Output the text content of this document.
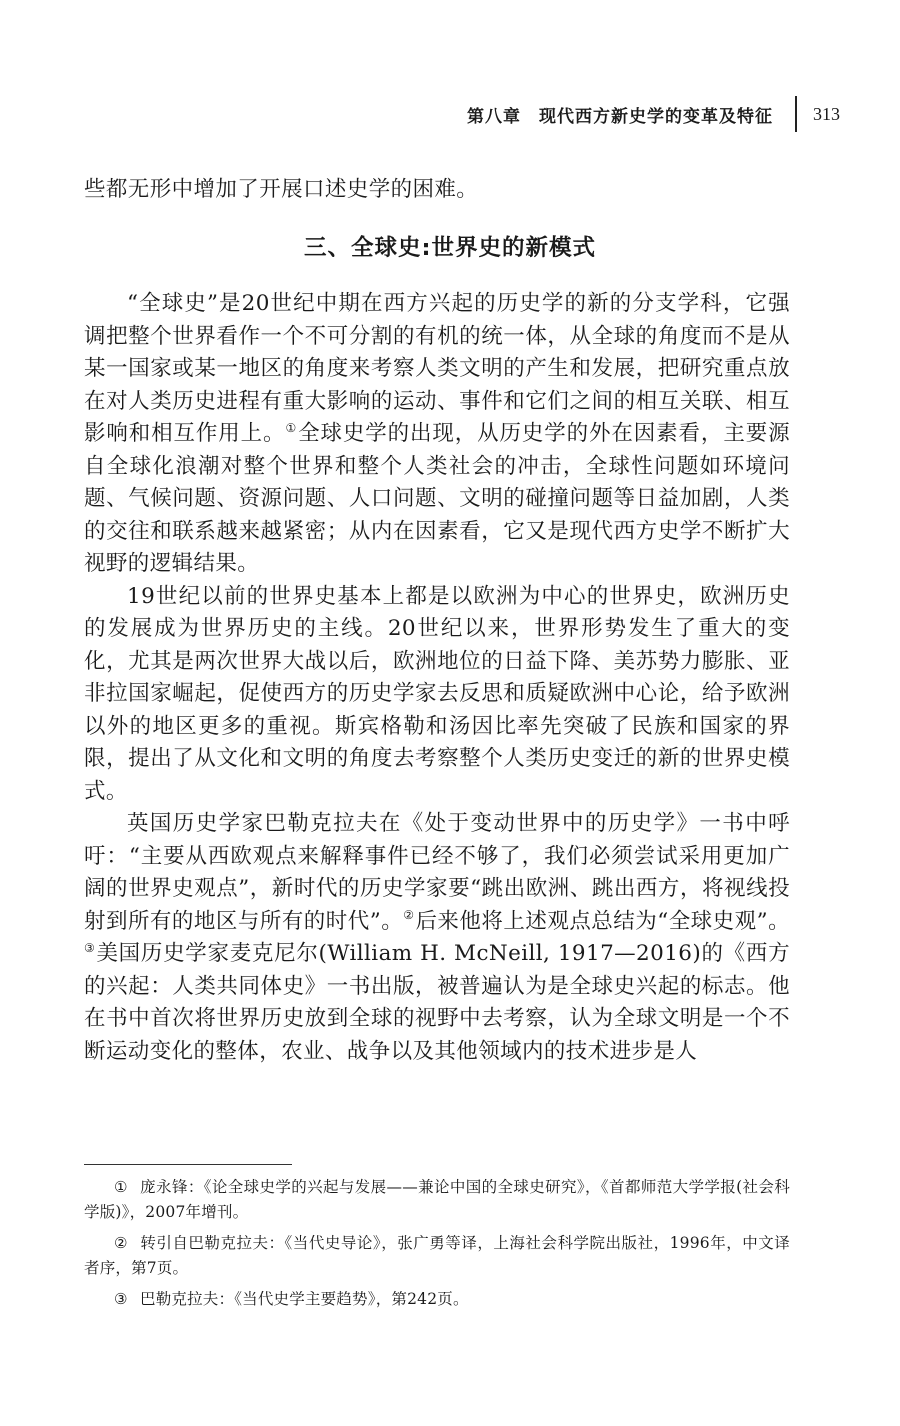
第八章　现代西方新史学的变革及特征 313

些都无形中增加了开展口述史学的困难。

三、全球史:世界史的新模式

“全球史”是20世纪中期在西方兴起的历史学的新的分支学科，它强调把整个世界看作一个不可分割的有机的统一体，从全球的角度而不是从某一国家或某一地区的角度来考察人类文明的产生和发展，把研究重点放在对人类历史进程有重大影响的运动、事件和它们之间的相互关联、相互影响和相互作用上。①全球史学的出现，从历史学的外在因素看，主要源自全球化浪潮对整个世界和整个人类社会的冲击，全球性问题如环境问题、气候问题、资源问题、人口问题、文明的碰撞问题等日益加剧，人类的交往和联系越来越紧密；从内在因素看，它又是现代西方史学不断扩大视野的逻辑结果。

19世纪以前的世界史基本上都是以欧洲为中心的世界史，欧洲历史的发展成为世界历史的主线。20世纪以来，世界形势发生了重大的变化，尤其是两次世界大战以后，欧洲地位的日益下降、美苏势力膨胀、亚非拉国家崛起，促使西方的历史学家去反思和质疑欧洲中心论，给予欧洲以外的地区更多的重视。斯宾格勒和汤因比率先突破了民族和国家的界限，提出了从文化和文明的角度去考察整个人类历史变迁的新的世界史模式。

英国历史学家巴勒克拉夫在《处于变动世界中的历史学》一书中呼吁：“主要从西欧观点来解释事件已经不够了，我们必须尝试采用更加广阔的世界史观点”，新时代的历史学家要“跳出欧洲、跳出西方，将视线投射到所有的地区与所有的时代”。②后来他将上述观点总结为“全球史观”。③美国历史学家麦克尼尔(William H. McNeill, 1917—2016)的《西方的兴起：人类共同体史》一书出版，被普遍认为是全球史兴起的标志。他在书中首次将世界历史放到全球的视野中去考察，认为全球文明是一个不断运动变化的整体，农业、战争以及其他领域内的技术进步是人

① 庞永锋：《论全球史学的兴起与发展——兼论中国的全球史研究》，《首都师范大学学报(社会科学版)》，2007年增刊。

② 转引自巴勒克拉夫：《当代史导论》，张广勇等译，上海社会科学院出版社，1996年，中文译者序，第7页。

③ 巴勒克拉夫：《当代史学主要趋势》，第242页。
